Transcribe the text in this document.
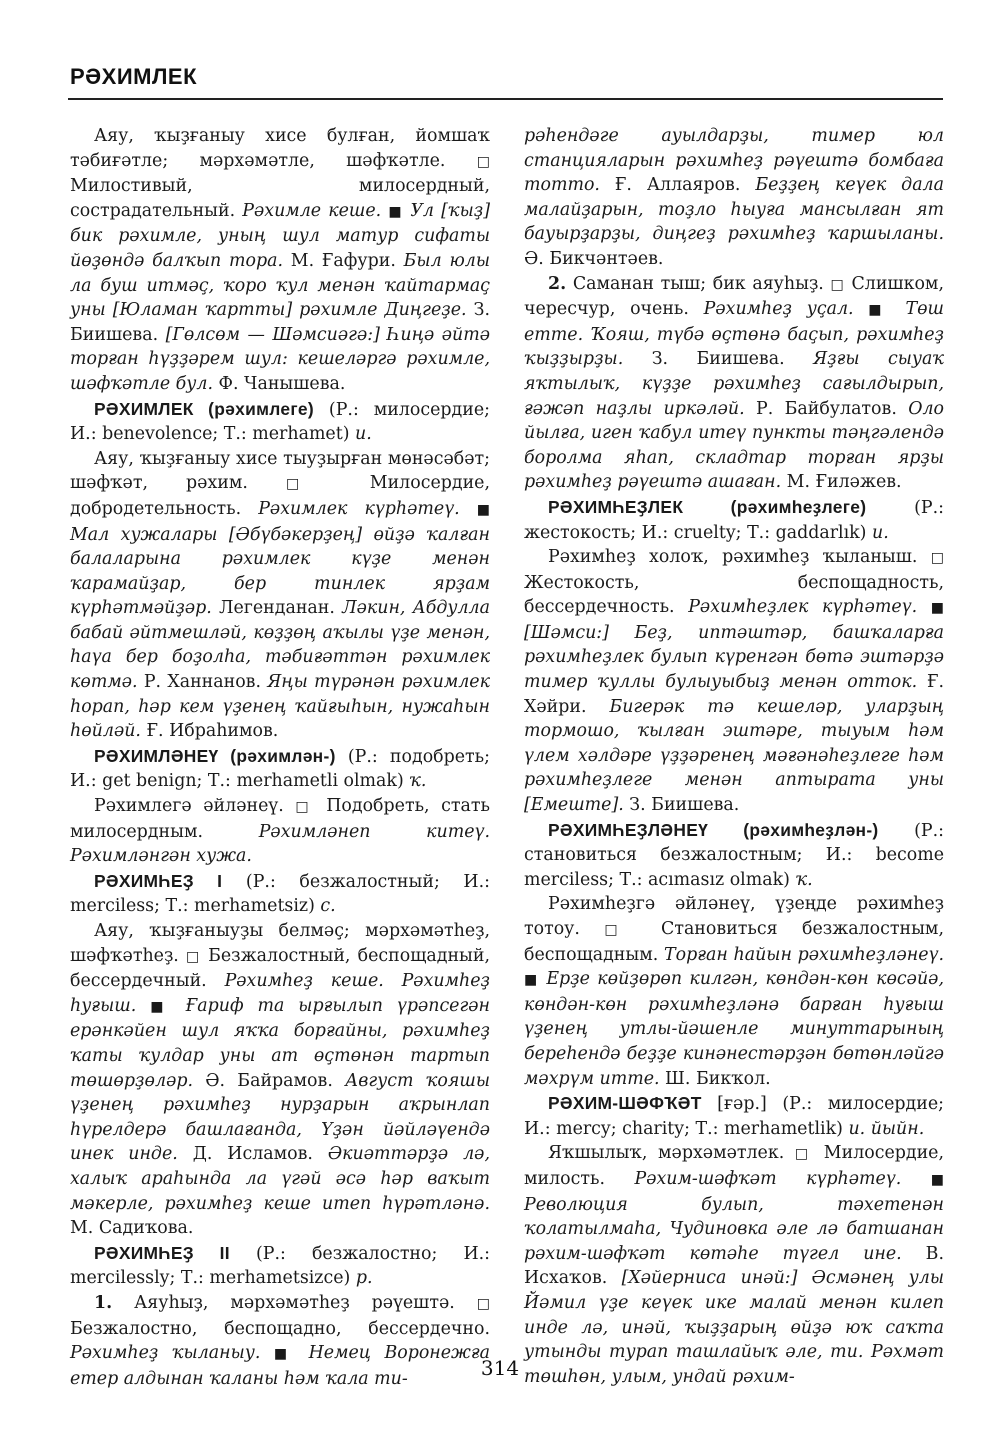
РӘХИМЛЕК

Аяу, ҡыҙғаныу хисе булған, йомшаҡ тәбиғәтле; мәрхәмәтле, шәфҡәтле. □ Милостивый, милосердный, сострадательный. Рәхимле кеше. ■ Ул [ҡыҙ] бик рәхимле, уның шул матур сифаты йөҙөндә балҡып тора. М. Ғафури. Был юлы ла буш итмәҫ, ҡоро ҡул менән ҡайтармаҫ уны [Юламан ҡартты] рәхимле Диңгеҙе. З. Биишева. [Гөлсөм — Шәмсиәгә:] Һиңә әйтә торған һүҙҙәрем шул: кешеләргә рәхимле, шәфҡәтле бул. Ф. Чанышева.

РӘХИМЛЕК (рәхимлеге) (Р.: милосердие; И.: benevolence; Т.: merhamet) и.

Аяу, ҡыҙғаныу хисе тыуҙырған мөнәсәбәт; шәфҡәт, рәхим. □ Милосердие, добродетельность. Рәхимлек күрһәтеү. ■ Мал хужалары [Әбүбәкерҙең] өйҙә ҡалған балаларына рәхимлек күҙе менән ҡарамайҙар, бер тинлек ярҙам күрһәтмәйҙәр. Легенданан. Ләкин, Абдулла бабай әйтмешләй, көҙҙөң аҡылы үҙе менән, һаүа бер боҙолһа, тәбиғәттән рәхимлек көтмә. Р. Ханнанов. Яңы түрәнән рәхимлек һорап, һәр кем үҙенең ҡайғыһын, нужаһын һөйләй. Ғ. Ибраһимов.

РӘХИМЛӘНЕҮ (рәхимлән-) (Р.: подобреть; И.: get benign; Т.: merhametli olmak) ҡ.

Рәхимлегә әйләнеү. □ Подобреть, стать милосердным. Рәхимләнеп китеү. Рәхимләнгән хужа.

РӘХИМҺЕҘ I (Р.: безжалостный; И.: merciless; Т.: merhametsiz) с.

Аяу, ҡыҙғаныуҙы белмәҫ; мәрхәмәтһеҙ, шәфҡәтһеҙ. □ Безжалостный, беспощадный, бессердечный. Рәхимһеҙ кеше. Рәхимһеҙ һуғыш. ■ Ғариф та ырғылып үрәпсегән ерәнкәйен шул яҡҡа борғайны, рәхимһеҙ ҡаты ҡулдар уны ат өҫтөнән тартып төшөрҙөләр. Ә. Байрамов. Август ҡояшы үҙенең рәхимһеҙ нурҙарын аҡрынлап һүрелдерә башлағанда, Үҙән йәйләүендә инек инде. Д. Исламов. Әкиәттәрҙә лә, халыҡ араһында ла үгәй әсә һәр ваҡыт мәкерле, рәхимһеҙ кеше итеп һүрәтләнә. М. Садиҡова.

РӘХИМҺЕҘ II (Р.: безжалостно; И.: mercilessly; Т.: merhametsizce) р.

1. Аяуһыҙ, мәрхәмәтһеҙ рәүештә. □ Безжалостно, беспощадно, бессердечно. Рәхимһеҙ ҡыланыу. ■ Немец Воронежға етер алдынан ҡаланы һәм ҡала ти-

рәһендәге ауылдарҙы, тимер юл станцияларын рәхимһеҙ рәүештә бомбаға тотто. Ғ. Аллаяров. Беҙҙең кеүек дала малайҙарын, тоҙло һыуға мансылған ят бауырҙарҙы, диңгеҙ рәхимһеҙ ҡаршыланы. Ә. Бикчәнтәев.

2. Саманан тыш; бик аяуһыҙ. □ Слишком, чересчур, очень. Рәхимһеҙ уҫал. ■ Төш етте. Ҡояш, түбә өҫтөнә баҫып, рәхимһеҙ ҡыҙҙырҙы. З. Биишева. Яҙғы сыуаҡ яҡтылыҡ, күҙҙе рәхимһеҙ сағылдырып, ғәжәп наҙлы иркәләй. Р. Байбулатов. Оло йылға, иген ҡабул итеү пункты тәңгәлендә боролма яһап, складтар торған ярҙы рәхимһеҙ рәүештә ашаған. М. Ғиләжев.

РӘХИМҺЕҘЛЕК (рәхимһеҙлеге) (Р.: жестокость; И.: cruelty; Т.: gaddarlık) и.

Рәхимһеҙ холоҡ, рәхимһеҙ ҡыланыш. □ Жестокость, беспощадность, бессердечность. Рәхимһеҙлек күрһәтеү. ■ [Шәмси:] Беҙ, иптәштәр, башҡаларға рәхимһеҙлек булып күренгән бөтә эштәрҙә тимер ҡуллы булыуыбыҙ менән отток. Ғ. Хәйри. Бигерәк тә кешеләр, уларҙың тормошо, ҡылған эштәре, тыуым һәм үлем хәлдәре үҙҙәренең мәғәнәһеҙлеге һәм рәхимһеҙлеге менән аптырата уны [Емеште]. З. Биишева.

РӘХИМҺЕҘЛӘНЕҮ (рәхимһеҙлән-) (Р.: становиться безжалостным; И.: become merciless; Т.: acımasız olmak) ҡ.

Рәхимһеҙгә әйләнеү, үҙеңде рәхимһеҙ тотоу. □ Становиться безжалостным, беспощадным. Торған һайын рәхимһеҙләнеү. ■ Ерҙе көйҙөрөп килгән, көндән-көн көсәйә, көндән-көн рәхимһеҙләнә барған һуғыш үҙенең утлы-йәшенле минуттарының береһендә беҙҙе кинәнестәрҙән бөтөнләйгә мәхрүм итте. Ш. Бикҡол.

РӘХИМ-ШӘФҠӘТ [ғәр.] (Р.: милосердие; И.: mercy; charity; Т.: merhametlik) и. йыйн.

Яҡшылыҡ, мәрхәмәтлек. □ Милосердие, милость. Рәхим-шәфҡәт күрһәтеү. ■ Революция булып, тәхетенән ҡолатылмаһа, Чудиновка әле лә батшанан рәхим-шәфҡәт көтәһе түгел ине. В. Исхаҡов. [Хәйерниса инәй:] Әсмәнең улы Йәмил үҙе кеүек ике малай менән килеп инде лә, инәй, ҡыҙҙарың өйҙә юҡ саҡта утынды турап ташлайыҡ әле, ти. Рәхмәт төшһөн, улым, ундай рәхим-

314
